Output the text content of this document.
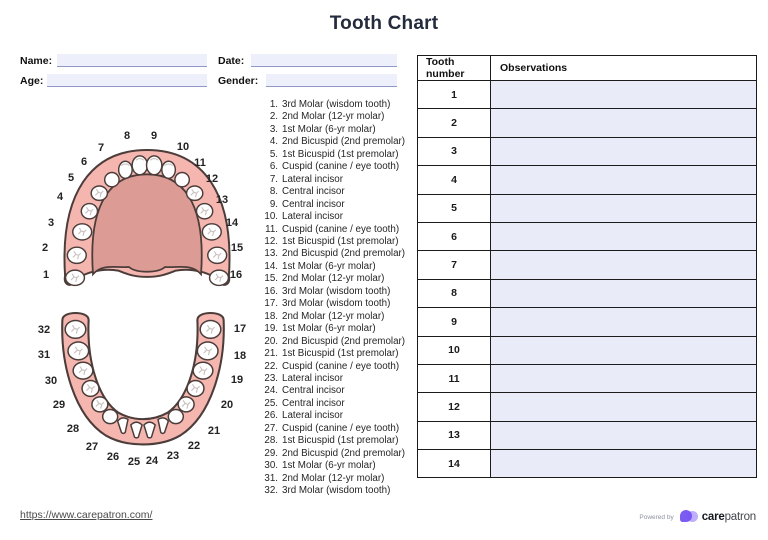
Tooth Chart
Name:	Date:
Age:	Gender:
1. 3rd Molar (wisdom tooth)
2. 2nd Molar (12-yr molar)
3. 1st Molar (6-yr molar)
4. 2nd Bicuspid (2nd premolar)
5. 1st Bicuspid (1st premolar)
6. Cuspid (canine / eye tooth)
7. Lateral incisor
8. Central incisor
9. Central incisor
10. Lateral incisor
11. Cuspid (canine / eye tooth)
12. 1st Bicuspid (1st premolar)
13. 2nd Bicuspid (2nd premolar)
14. 1st Molar (6-yr molar)
15. 2nd Molar (12-yr molar)
16. 3rd Molar (wisdom tooth)
17. 3rd Molar (wisdom tooth)
18. 2nd Molar (12-yr molar)
19. 1st Molar (6-yr molar)
20. 2nd Bicuspid (2nd premolar)
21. 1st Bicuspid (1st premolar)
22. Cuspid (canine / eye tooth)
23. Lateral incisor
24. Central incisor
25. Central incisor
26. Lateral incisor
27. Cuspid (canine / eye tooth)
28. 1st Bicuspid (1st premolar)
29. 2nd Bicuspid (2nd premolar)
30. 1st Molar (6-yr molar)
31. 2nd Molar (12-yr molar)
32. 3rd Molar (wisdom tooth)
Tooth number	Observations
1	
2	
3	
4	
5	
6	
7	
8	
9	
10	
11	
12	
13	
14	
https://www.carepatron.com/	Powered by carepatron
1
2
3
4
5
6
7
8 9
10
11
12
13
14
15
16
17
18
19
20
21
22
23
24
25
26
27
28
29
30
31
32
